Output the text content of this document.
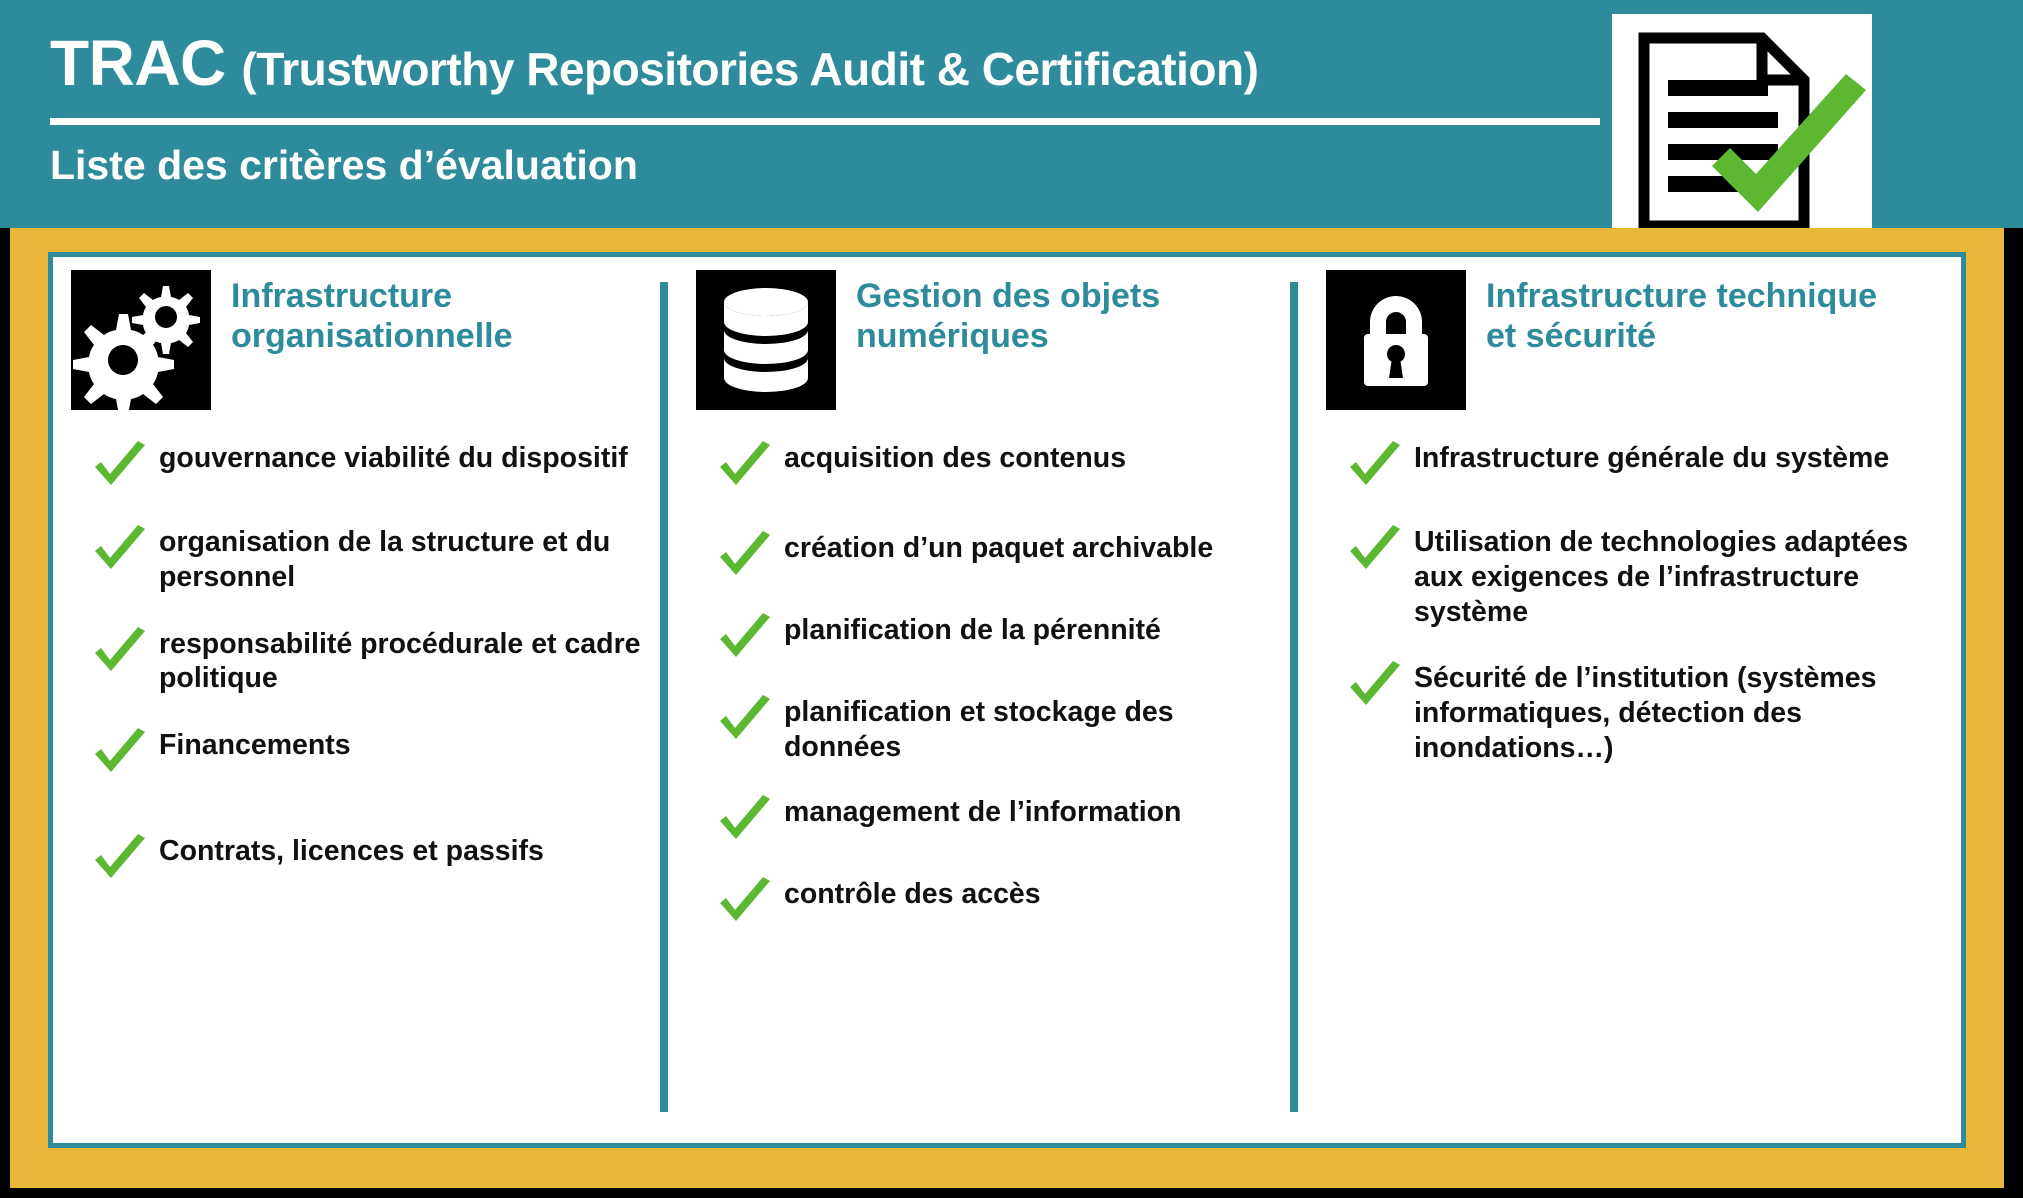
TRAC (Trustworthy Repositories Audit & Certification)
Liste des critères d’évaluation
Infrastructure organisationnelle
gouvernance viabilité du dispositif
organisation de la structure et du personnel
responsabilité procédurale et cadre politique
Financements
Contrats, licences et passifs
Gestion des objets numériques
acquisition des contenus
création d’un paquet archivable
planification de la pérennité
planification et stockage des données
management de l’information
contrôle des accès
Infrastructure technique et sécurité
Infrastructure générale du système
Utilisation de technologies adaptées aux exigences de l’infrastructure système
Sécurité de l’institution (systèmes informatiques, détection des inondations…)
